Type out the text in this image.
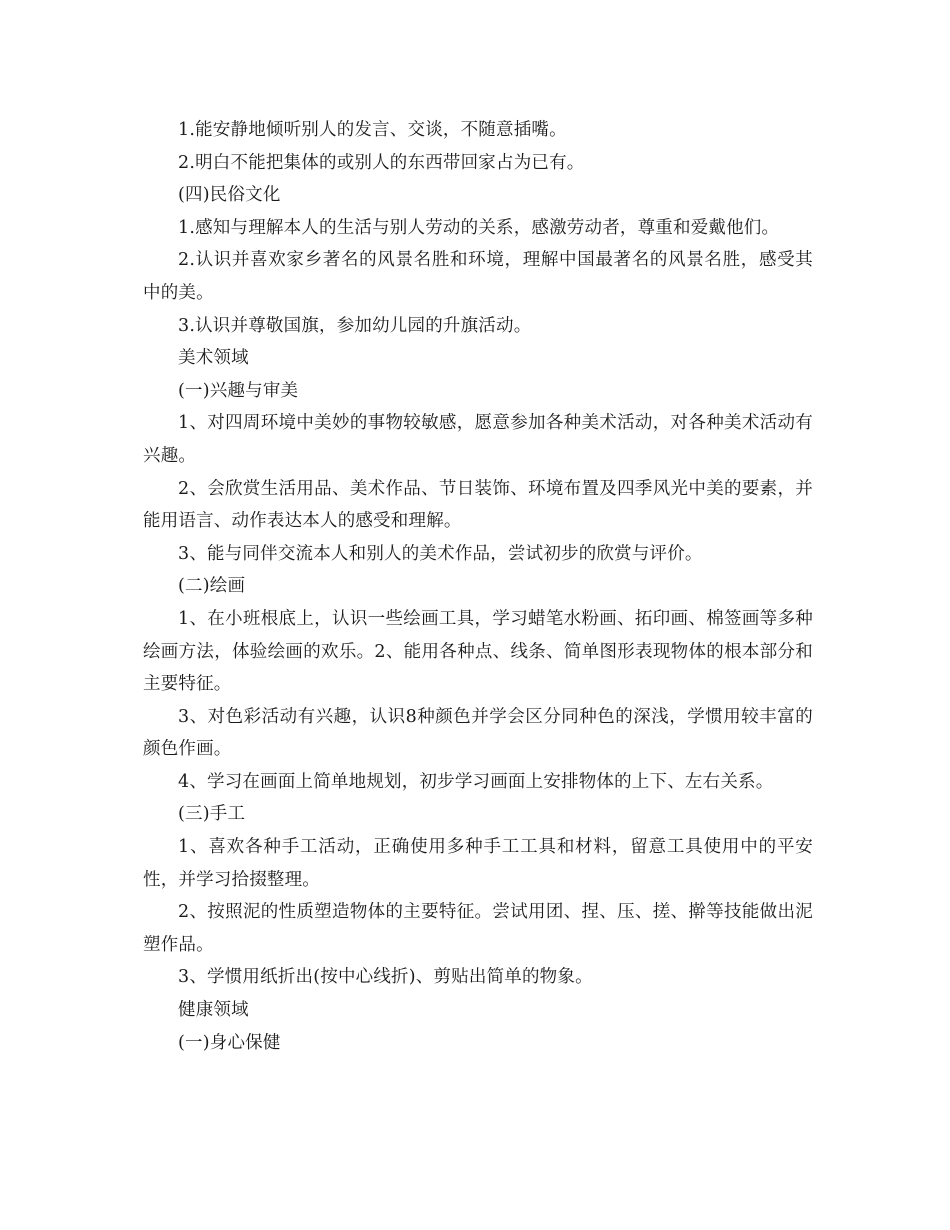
1.能安静地倾听别人的发言、交谈，不随意插嘴。

2.明白不能把集体的或别人的东西带回家占为已有。

(四)民俗文化

1.感知与理解本人的生活与别人劳动的关系，感激劳动者，尊重和爱戴他们。

2.认识并喜欢家乡著名的风景名胜和环境，理解中国最著名的风景名胜，感受其中的美。

3.认识并尊敬国旗，参加幼儿园的升旗活动。

美术领域

(一)兴趣与审美

1、对四周环境中美妙的事物较敏感，愿意参加各种美术活动，对各种美术活动有兴趣。

2、会欣赏生活用品、美术作品、节日装饰、环境布置及四季风光中美的要素，并能用语言、动作表达本人的感受和理解。

3、能与同伴交流本人和别人的美术作品，尝试初步的欣赏与评价。

(二)绘画

1、在小班根底上，认识一些绘画工具，学习蜡笔水粉画、拓印画、棉签画等多种绘画方法，体验绘画的欢乐。2、能用各种点、线条、简单图形表现物体的根本部分和主要特征。

3、对色彩活动有兴趣，认识8种颜色并学会区分同种色的深浅，学惯用较丰富的颜色作画。

4、学习在画面上简单地规划，初步学习画面上安排物体的上下、左右关系。

(三)手工

1、喜欢各种手工活动，正确使用多种手工工具和材料，留意工具使用中的平安性，并学习拾掇整理。

2、按照泥的性质塑造物体的主要特征。尝试用团、捏、压、搓、擀等技能做出泥塑作品。

3、学惯用纸折出(按中心线折)、剪贴出简单的物象。

健康领域

(一)身心保健
